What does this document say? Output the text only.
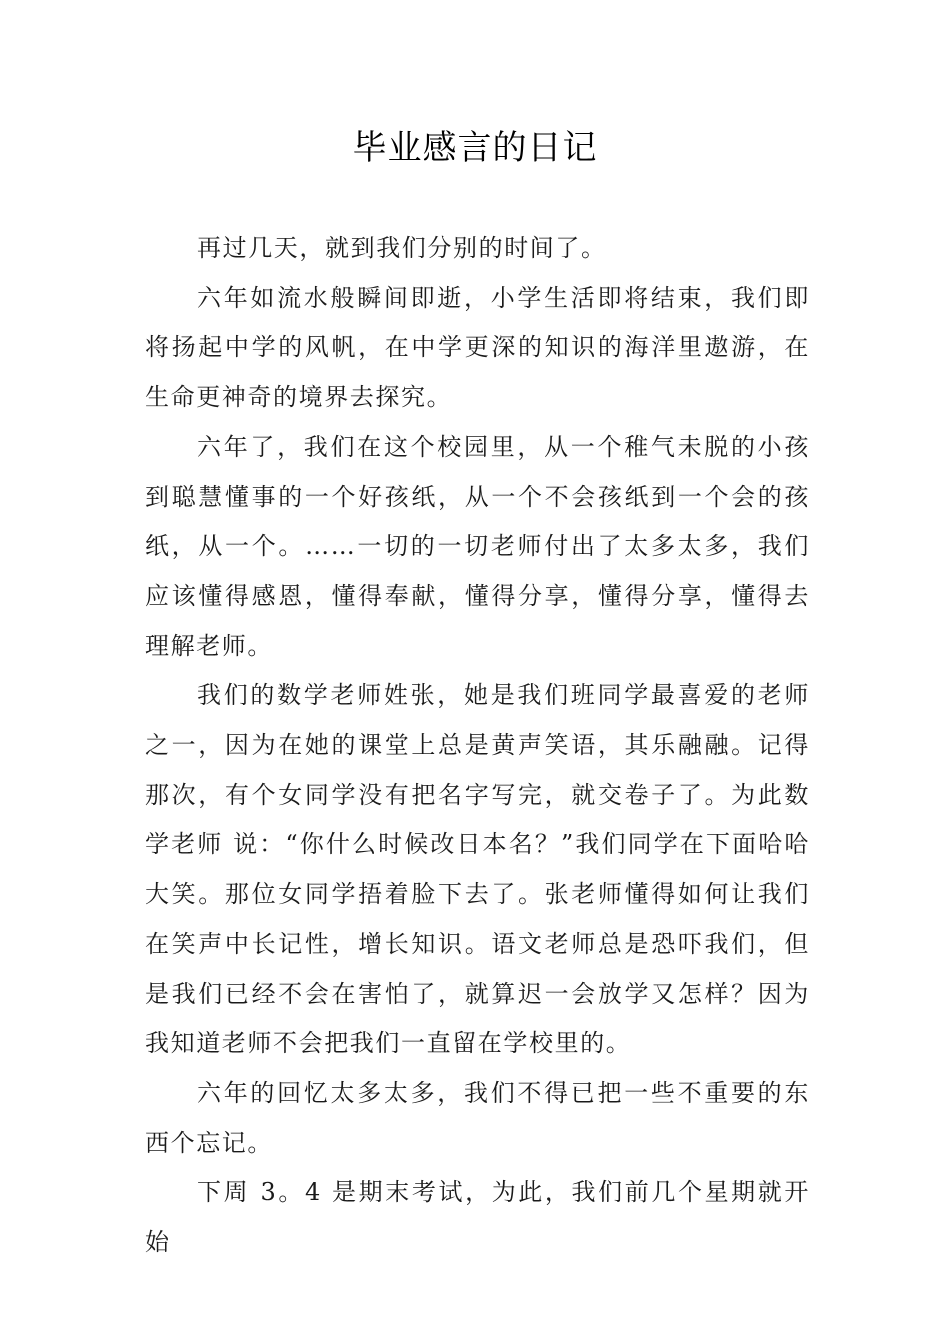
毕业感言的日记

再过几天，就到我们分别的时间了。

六年如流水般瞬间即逝，小学生活即将结束，我们即将扬起中学的风帆，在中学更深的知识的海洋里遨游，在生命更神奇的境界去探究。

六年了，我们在这个校园里，从一个稚气未脱的小孩到聪慧懂事的一个好孩纸，从一个不会孩纸到一个会的孩纸，从一个。……一切的一切老师付出了太多太多，我们应该懂得感恩，懂得奉献，懂得分享，懂得分享，懂得去理解老师。

我们的数学老师姓张，她是我们班同学最喜爱的老师之一，因为在她的课堂上总是黄声笑语，其乐融融。记得那次，有个女同学没有把名字写完，就交卷子了。为此数学老师 说：“你什么时候改日本名？”我们同学在下面哈哈大笑。那位女同学捂着脸下去了。张老师懂得如何让我们在笑声中长记性，增长知识。语文老师总是恐吓我们，但是我们已经不会在害怕了，就算迟一会放学又怎样？因为我知道老师不会把我们一直留在学校里的。

六年的回忆太多太多，我们不得已把一些不重要的东西个忘记。

下周 3。4 是期末考试，为此，我们前几个星期就开始
